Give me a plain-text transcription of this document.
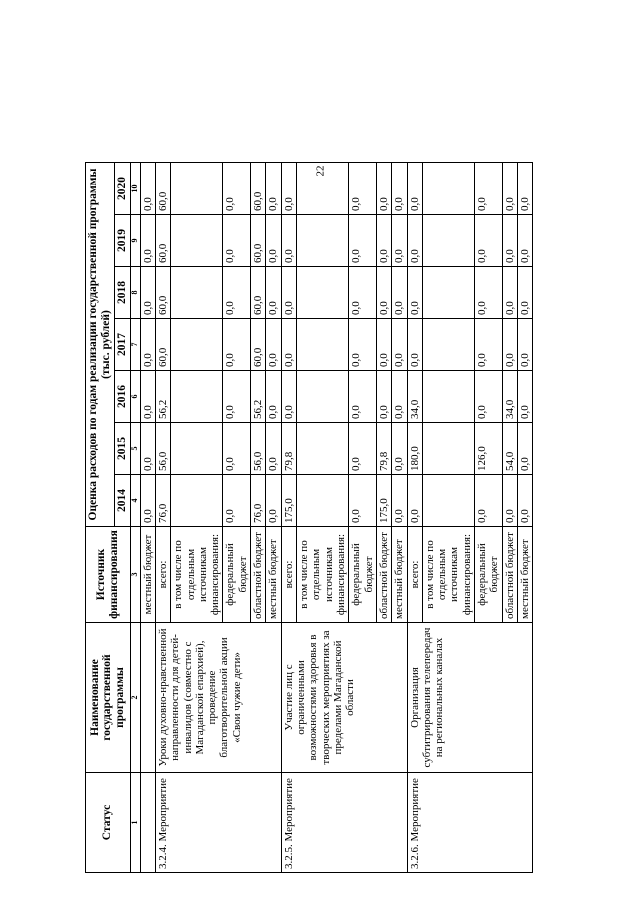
22
Статус	Наименование государственной программы	Источник финансирования	Оценка расходов по годам реализации государственной программы (тыс. рублей)						
			2014	2015	2016	2017	2018	2019	2020
1	2	3	4	5	6	7	8	9	10
		местный бюджет	0,0	0,0	0,0	0,0	0,0	0,0	0,0
3.2.4. Мероприятие	Уроки духовно-нравственной направленности для детей-инвалидов (совместно с Магаданской епархией), проведение благотворительной акции «Свои чужие дети»	всего:	76,0	56,0	56,2	60,0	60,0	60,0	60,0
		в том числе по отдельным источникам финансирования:							
		федеральный бюджет	0,0	0,0	0,0	0,0	0,0	0,0	0,0
		областной бюджет	76,0	56,0	56,2	60,0	60,0	60,0	60,0
		местный бюджет	0,0	0,0	0,0	0,0	0,0	0,0	0,0
3.2.5. Мероприятие	Участие лиц с ограниченными возможностями здоровья в творческих мероприятиях за пределами Магаданской области	всего:	175,0	79,8	0,0	0,0	0,0	0,0	0,0
		в том числе по отдельным источникам финансирования:							
		федеральный бюджет	0,0	0,0	0,0	0,0	0,0	0,0	0,0
		областной бюджет	175,0	79,8	0,0	0,0	0,0	0,0	0,0
		местный бюджет	0,0	0,0	0,0	0,0	0,0	0,0	0,0
3.2.6. Мероприятие	Организация субтитрирования телепередач на региональных каналах	всего:	0,0	180,0	34,0	0,0	0,0	0,0	0,0
		в том числе по отдельным источникам финансирования:							
		федеральный бюджет	0,0	126,0	0,0	0,0	0,0	0,0	0,0
		областной бюджет	0,0	54,0	34,0	0,0	0,0	0,0	0,0
		местный бюджет	0,0	0,0	0,0	0,0	0,0	0,0	0,0
